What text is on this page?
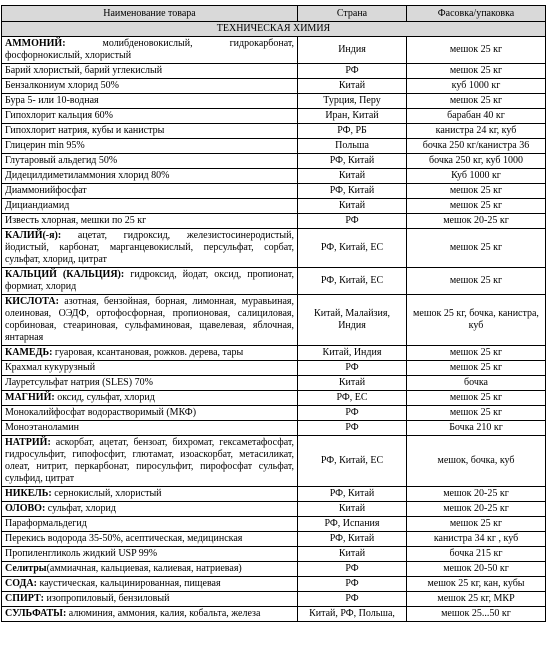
Наименование товара	Страна	Фасовка/упаковка
ТЕХНИЧЕСКАЯ ХИМИЯ		
АММОНИЙ: молибденовокислый, гидрокарбонат, фосфорнокислый, хлористый	Индия	мешок 25 кг
Барий хлористый, барий углекислый	РФ	мешок 25 кг
Бензалкониум хлорид 50%	Китай	куб 1000 кг
Бура 5- или 10-водная	Турция, Перу	мешок 25 кг
Гипохлорит кальция 60%	Иран, Китай	барабан 40 кг
Гипохлорит натрия, кубы и канистры	РФ, РБ	канистра 24 кг, куб
Глицерин min 95%	Польша	бочка 250 кг/канистра 36
Глутаровый альдегид 50%	РФ, Китай	бочка 250 кг, куб 1000
Дидецилдиметиламмония хлорид 80%	Китай	Куб 1000 кг
Диаммонийфосфат	РФ, Китай	мешок 25 кг
Дициандиамид	Китай	мешок 25 кг
Известь хлорная, мешки по 25 кг	РФ	мешок 20-25 кг
КАЛИЙ(-я): ацетат, гидроксид, железистосинеродистый, йодистый, карбонат, марганцевокислый, персульфат, сорбат, сульфат, хлорид, цитрат	РФ, Китай, ЕС	мешок 25 кг
КАЛЬЦИЙ (КАЛЬЦИЯ): гидроксид, йодат, оксид, пропионат, формиат, хлорид	РФ, Китай, ЕС	мешок 25 кг
КИСЛОТА: азотная, бензойная, борная, лимонная, муравьиная, олеиновая, ОЭДФ, ортофосфорная, пропионовая, салициловая, сорбиновая, стеариновая, сульфаминовая, щавелевая, яблочная, янтарная	Китай, Малайзия, Индия	мешок 25 кг, бочка, канистра, куб
КАМЕДЬ: гуаровая, ксантановая, рожков. дерева, тары	Китай, Индия	мешок 25 кг
Крахмал кукурузный	РФ	мешок 25 кг
Лауретсульфат натрия (SLES) 70%	Китай	бочка
МАГНИЙ: оксид, сульфат, хлорид	РФ, ЕС	мешок 25 кг
Монокалийфосфат водорастворимый (МКФ)	РФ	мешок 25 кг
Моноэтаноламин	РФ	Бочка 210 кг
НАТРИЙ: аскорбат, ацетат, бензоат, бихромат, гексаметафосфат, гидросульфит, гипофосфит, глютамат, изоаскорбат, метасиликат, олеат, нитрит, перкарбонат, пиросульфит, пирофосфат сульфат, сульфид, цитрат	РФ, Китай, ЕС	мешок, бочка, куб
НИКЕЛЬ: сернокислый, хлористый	РФ, Китай	мешок 20-25 кг
ОЛОВО: сульфат, хлорид	Китай	мешок 20-25 кг
Параформальдегид	РФ, Испания	мешок 25 кг
Перекись водорода 35-50%, асептическая, медицинская	РФ, Китай	канистра 34 кг , куб
Пропиленгликоль жидкий USP 99%	Китай	бочка 215 кг
Селитры(аммиачная, кальциевая, калиевая, натриевая)	РФ	мешок 20-50 кг
СОДА: каустическая, кальцинированная, пищевая	РФ	мешок 25 кг, кан, кубы
СПИРТ: изопропиловый, бензиловый	РФ	мешок 25 кг, МКР
СУЛЬФАТЫ: алюминия, аммония, калия, кобальта, железа	Китай, РФ, Польша,	мешок 25...50 кг
